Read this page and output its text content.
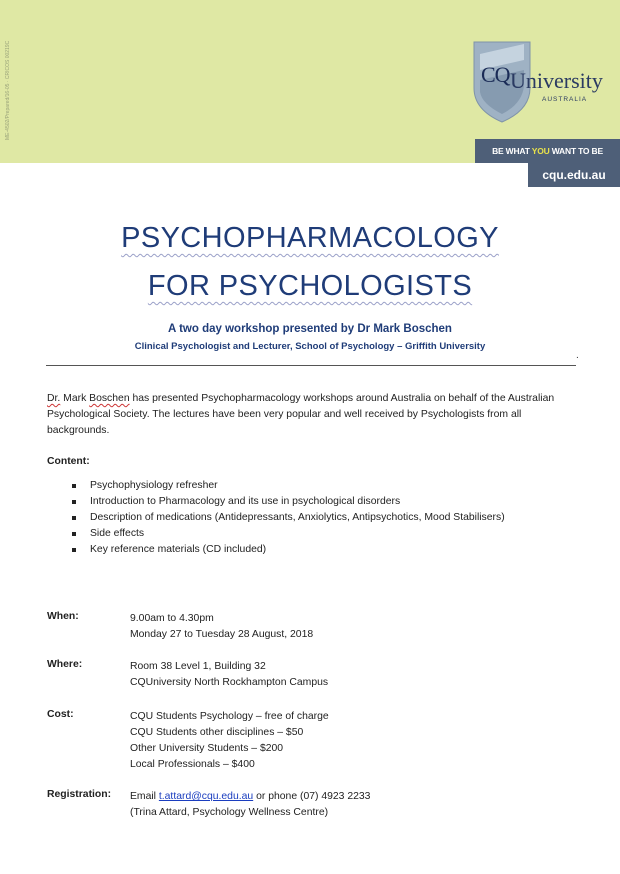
ME-4502/Prepared/16-05 · CRICOS 00219C	CQ University
AUSTRALIA
BE WHAT YOU WANT TO BE
cqu.edu.au
PSYCHOPHARMACOLOGY
FOR PSYCHOLOGISTS
A two day workshop presented by Dr Mark Boschen
Clinical Psychologist and Lecturer, School of Psychology – Griffith University
.
Dr. Mark Boschen has presented Psychopharmacology workshops around Australia on behalf of the Australian Psychological Society. The lectures have been very popular and well received by Psychologists from all backgrounds.
Content:
Psychophysiology refresher
Introduction to Pharmacology and its use in psychological disorders
Description of medications (Antidepressants, Anxiolytics, Antipsychotics, Mood Stabilisers)
Side effects
Key reference materials (CD included)
When:	9.00am to 4.30pm
Monday 27 to Tuesday 28 August, 2018
Where:	Room 38 Level 1, Building 32
CQUniversity North Rockhampton Campus
Cost:	CQU Students Psychology – free of charge
CQU Students other disciplines – $50
Other University Students – $200
Local Professionals – $400
Registration: Email t.attard@cqu.edu.au or phone (07) 4923 2233
(Trina Attard, Psychology Wellness Centre)
